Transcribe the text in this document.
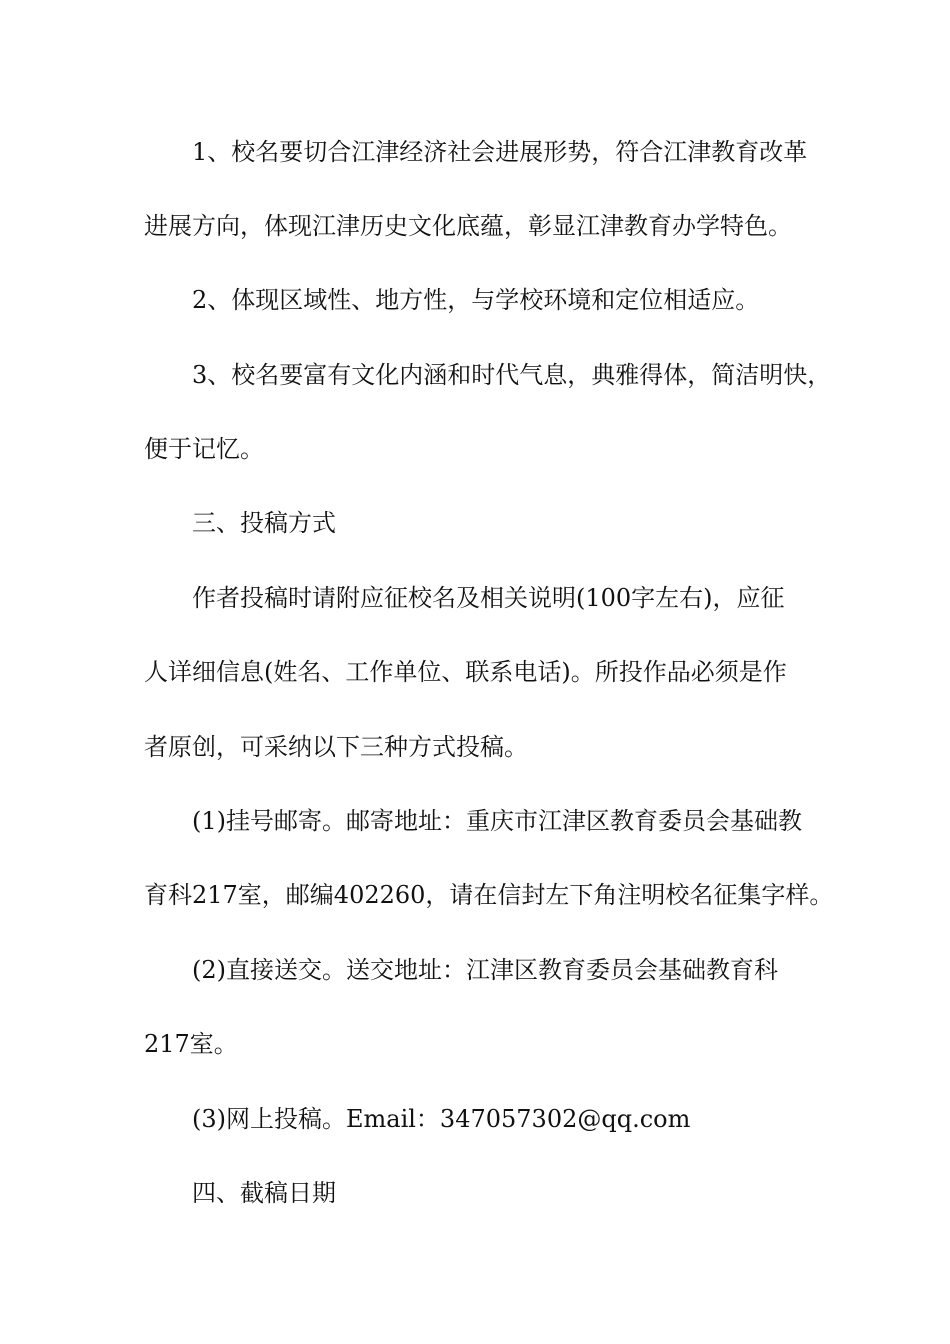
1、校名要切合江津经济社会进展形势，符合江津教育改革
进展方向，体现江津历史文化底蕴，彰显江津教育办学特色。
2、体现区域性、地方性，与学校环境和定位相适应。
3、校名要富有文化内涵和时代气息，典雅得体，简洁明快，
便于记忆。
三、投稿方式
作者投稿时请附应征校名及相关说明(100字左右)，应征
人详细信息(姓名、工作单位、联系电话)。所投作品必须是作
者原创，可采纳以下三种方式投稿。
(1)挂号邮寄。邮寄地址：重庆市江津区教育委员会基础教
育科217室，邮编402260，请在信封左下角注明校名征集字样。
(2)直接送交。送交地址：江津区教育委员会基础教育科
217室。
(3)网上投稿。Email：347057302@qq.com
四、截稿日期
